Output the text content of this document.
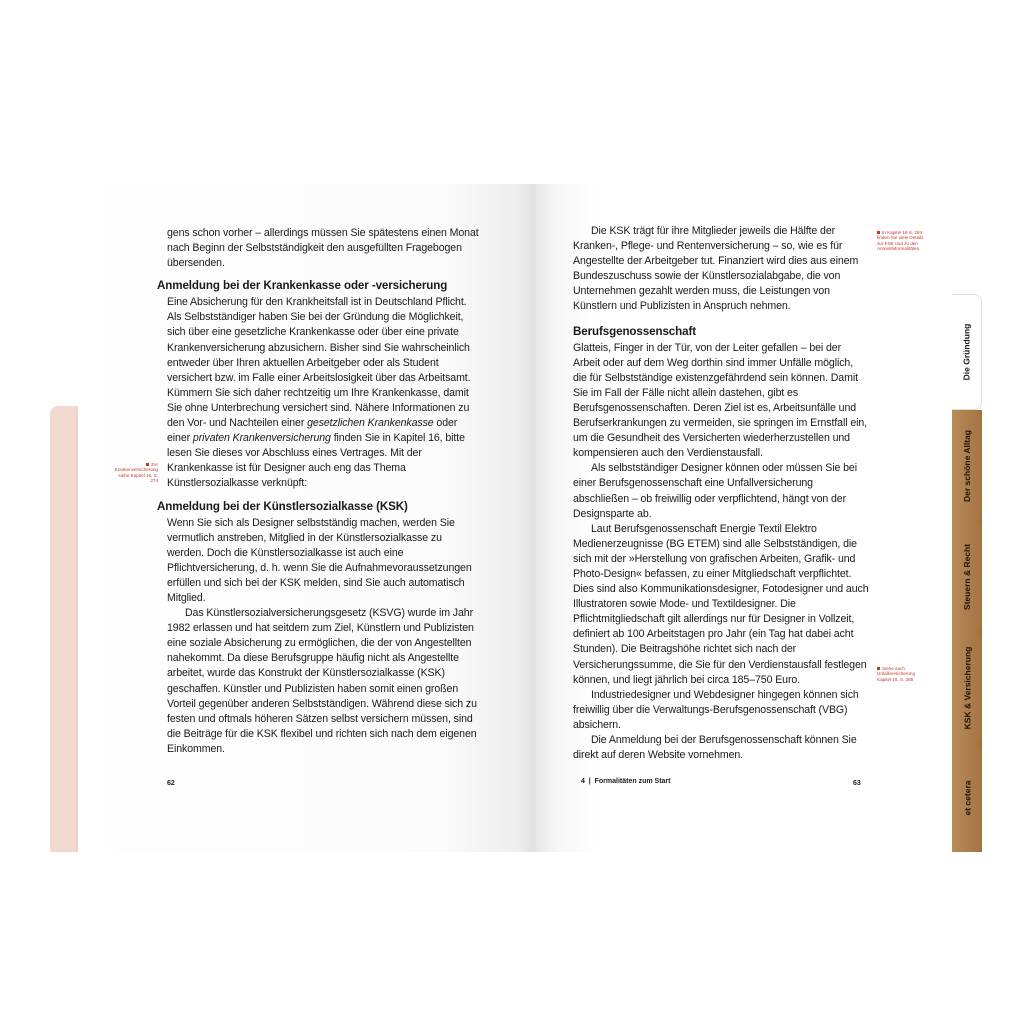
gens schon vorher – allerdings müssen Sie spätestens einen Monat nach Beginn der Selbstständigkeit den ausgefüllten Fragebogen übersenden.

Anmeldung bei der Krankenkasse oder -versicherung

Eine Absicherung für den Krankheitsfall ist in Deutschland Pflicht. Als Selbstständiger haben Sie bei der Gründung die Möglichkeit, sich über eine gesetzliche Krankenkasse oder über eine private Krankenversicherung abzusichern. Bisher sind Sie wahrscheinlich entweder über Ihren aktuellen Arbeitgeber oder als Student versichert bzw. im Falle einer Arbeitslosigkeit über das Arbeitsamt. Kümmern Sie sich daher rechtzeitig um Ihre Krankenkasse, damit Sie ohne Unterbrechung versichert sind. Nähere Informationen zu den Vor- und Nachteilen einer gesetzlichen Krankenkasse oder einer privaten Krankenversicherung finden Sie in Kapitel 16, bitte lesen Sie dieses vor Abschluss eines Vertrages. Mit der Krankenkasse ist für Designer auch eng das Thema Künstlersozialkasse verknüpft:

Anmeldung bei der Künstlersozialkasse (KSK)

Wenn Sie sich als Designer selbstständig machen, werden Sie vermutlich anstreben, Mitglied in der Künstlersozialkasse zu werden. Doch die Künstlersozialkasse ist auch eine Pflichtversicherung, d. h. wenn Sie die Aufnahmevoraussetzungen erfüllen und sich bei der KSK melden, sind Sie auch automatisch Mitglied.

Das Künstlersozialversicherungsgesetz (KSVG) wurde im Jahr 1982 erlassen und hat seitdem zum Ziel, Künstlern und Publizisten eine soziale Absicherung zu ermöglichen, die der von Angestellten nahekommt. Da diese Berufsgruppe häufig nicht als Angestellte arbeitet, wurde das Konstrukt der Künstlersozialkasse (KSK) geschaffen. Künstler und Publizisten haben somit einen großen Vorteil gegenüber anderen Selbstständigen. Während diese sich zu festen und oftmals höheren Sätzen selbst versichern müssen, sind die Beiträge für die KSK flexibel und richten sich nach dem eigenen Einkommen.

Zur Krankenversicherung siehe Kapitel 16, S. 274
62

Die KSK trägt für ihre Mitglieder jeweils die Hälfte der Kranken-, Pflege- und Rentenversicherung – so, wie es für Angestellte der Arbeitgeber tut. Finanziert wird dies aus einem Bundeszuschuss sowie der Künstlersozialabgabe, die von Unternehmen gezahlt werden muss, die Leistungen von Künstlern und Publizisten in Anspruch nehmen.

Berufsgenossenschaft

Glatteis, Finger in der Tür, von der Leiter gefallen – bei der Arbeit oder auf dem Weg dorthin sind immer Unfälle möglich, die für Selbstständige existenzgefährdend sein können. Damit Sie im Fall der Fälle nicht allein dastehen, gibt es Berufsgenossenschaften. Deren Ziel ist es, Arbeitsunfälle und Berufserkrankungen zu vermeiden, sie springen im Ernstfall ein, um die Gesundheit des Versicherten wiederherzustellen und kompensieren auch den Verdienstausfall.

Als selbstständiger Designer können oder müssen Sie bei einer Berufsgenossenschaft eine Unfallversicherung abschließen – ob freiwillig oder verpflichtend, hängt von der Designsparte ab.

Laut Berufsgenossenschaft Energie Textil Elektro Medienerzeugnisse (BG ETEM) sind alle Selbstständigen, die sich mit der »Herstellung von grafischen Arbeiten, Grafik- und Photo-Design« befassen, zu einer Mitgliedschaft verpflichtet. Dies sind also Kommunikationsdesigner, Fotodesigner und auch Illustratoren sowie Mode- und Textildesigner. Die Pflichtmitgliedschaft gilt allerdings nur für Designer in Vollzeit, definiert ab 100 Arbeitstagen pro Jahr (ein Tag hat dabei acht Stunden). Die Beitragshöhe richtet sich nach der Versicherungssumme, die Sie für den Verdienstausfall festlegen können, und liegt jährlich bei circa 185–750 Euro.

Industriedesigner und Webdesigner hingegen können sich freiwillig über die Verwaltungs-Berufsgenossenschaft (VBG) absichern.

Die Anmeldung bei der Berufsgenossenschaft können Sie direkt auf deren Website vornehmen.

In Kapitel 16 S. 284 finden Sie viele Details zur KSK und zu den Anmeldeformalitäten.
Siehe auch Unfallversicherung Kapitel 16, S. 285
4  |  Formalitäten zum Start	63
Die Gründung
Der schöne Alltag
Steuern & Recht
KSK & Versicherung
et cetera
